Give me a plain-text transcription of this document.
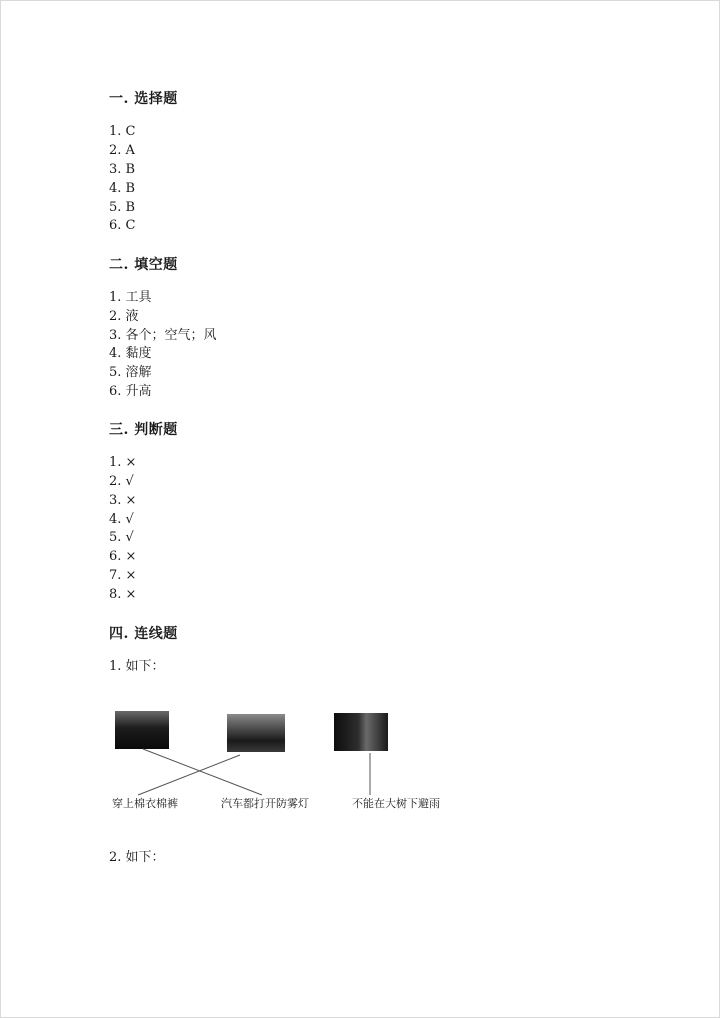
一. 选择题
1. C
2. A
3. B
4. B
5. B
6. C
二. 填空题
1. 工具
2. 液
3. 各个；空气；风
4. 黏度
5. 溶解
6. 升高
三. 判断题
1. ×
2. √
3. ×
4. √
5. √
6. ×
7. ×
8. ×
四. 连线题
1. 如下：
穿上棉衣棉裤	汽车都打开防雾灯	不能在大树下避雨
2. 如下：
